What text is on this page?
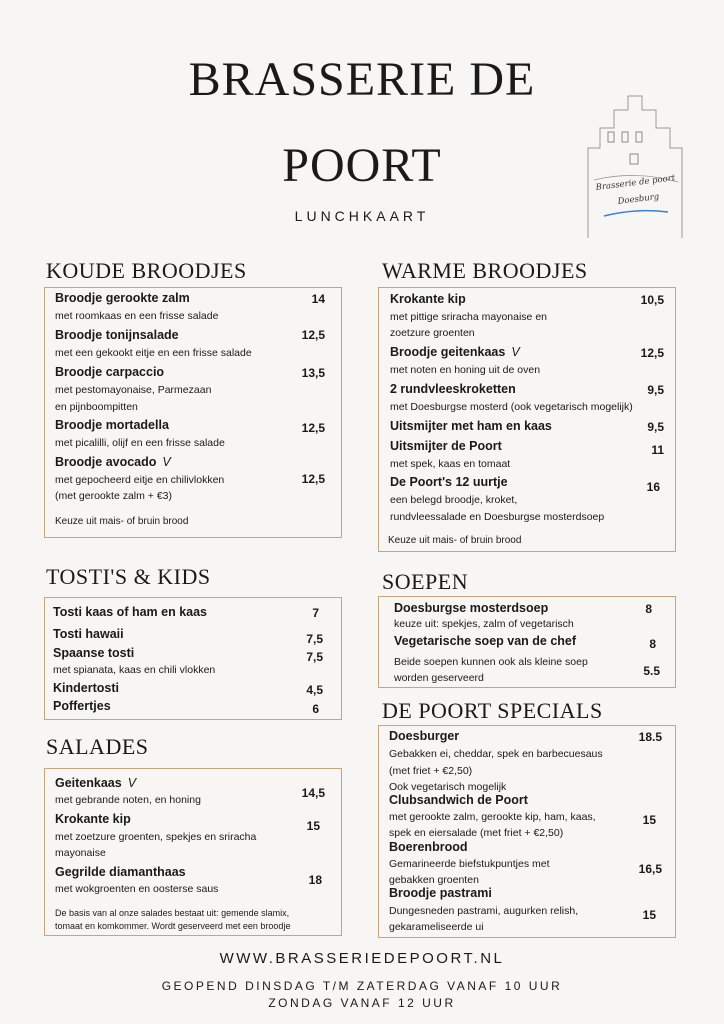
BRASSERIE DE
POORT
LUNCHKAART
Brasserie de poort
Doesburg
KOUDE BROODJES
Broodje gerookte zalm
met roomkaas en een frisse salade
14
Broodje tonijnsalade
met een gekookt eitje en een frisse salade
12,5
Broodje carpaccio
met pestomayonaise, Parmezaan
en pijnboompitten
13,5
Broodje mortadella
met picalilli, olijf en een frisse salade
12,5
Broodje avocado V
met gepocheerd eitje en chilivlokken
(met gerookte zalm + €3)
12,5
Keuze uit mais- of bruin brood
WARME BROODJES
Krokante kip
met pittige sriracha mayonaise en
zoetzure groenten
10,5
Broodje geitenkaas V
met noten en honing uit de oven
12,5
2 rundvleeskroketten
met Doesburgse mosterd (ook vegetarisch mogelijk)
9,5
Uitsmijter met ham en kaas	9,5
Uitsmijter de Poort
met spek, kaas en tomaat
11
De Poort's 12 uurtje
een belegd broodje, kroket,
rundvleessalade en Doesburgse mosterdsoep
16
Keuze uit mais- of bruin brood
TOSTI'S & KIDS
Tosti kaas of ham en kaas	7
Tosti hawaii	7,5
Spaanse tosti
met spianata, kaas en chili vlokken
7,5
Kindertosti	4,5
Poffertjes	6
SOEPEN
Doesburgse mosterdsoep
keuze uit: spekjes, zalm of vegetarisch
8
Vegetarische soep van de chef	8
Beide soepen kunnen ook als kleine soep
worden geserveerd	5.5
SALADES
Geitenkaas V
met gebrande noten, en honing	14,5
Krokante kip
met zoetzure groenten, spekjes en sriracha
mayonaise
15
Gegrilde diamanthaas
met wokgroenten en oosterse saus
18
De basis van al onze salades bestaat uit: gemende slamix,
tomaat en komkommer. Wordt geserveerd met een broodje
DE POORT SPECIALS
Doesburger
Gebakken ei, cheddar, spek en barbecuesaus
(met friet + €2,50)
Ook vegetarisch mogelijk
18.5
Clubsandwich de Poort
met gerookte zalm, gerookte kip, ham, kaas,
spek en eiersalade (met friet + €2,50)
15
Boerenbrood
Gemarineerde biefstukpuntjes met
gebakken groenten
16,5
Broodje pastrami
Dungesneden pastrami, augurken relish,
gekarameliseerde ui
15
WWW.BRASSERIEDEPOORT.NL
GEOPEND DINSDAG T/M ZATERDAG VANAF 10 UUR
ZONDAG VANAF 12 UUR
